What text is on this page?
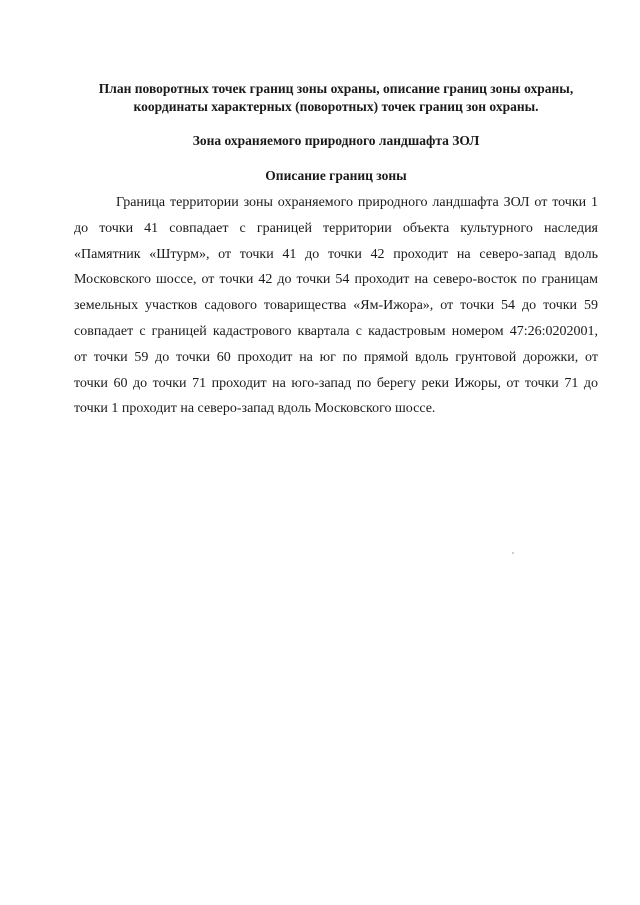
План поворотных точек границ зоны охраны, описание границ зоны охраны,
координаты характерных (поворотных) точек границ зон охраны.
Зона охраняемого природного ландшафта ЗОЛ
Описание границ зоны
Граница территории зоны охраняемого природного ландшафта ЗОЛ от точки 1
до точки 41 совпадает с границей территории объекта культурного наследия
«Памятник «Штурм», от точки 41 до точки 42 проходит на северо-запад вдоль
Московского шоссе, от точки 42 до точки 54 проходит на северо-восток по границам
земельных участков садового товарищества «Ям-Ижора», от точки 54 до точки 59
совпадает с границей кадастрового квартала с кадастровым номером 47:26:0202001,
от точки 59 до точки 60 проходит на юг по прямой вдоль грунтовой дорожки, от
точки 60 до точки 71 проходит на юго-запад по берегу реки Ижоры, от точки 71 до
точки 1 проходит на северо-запад вдоль Московского шоссе.
